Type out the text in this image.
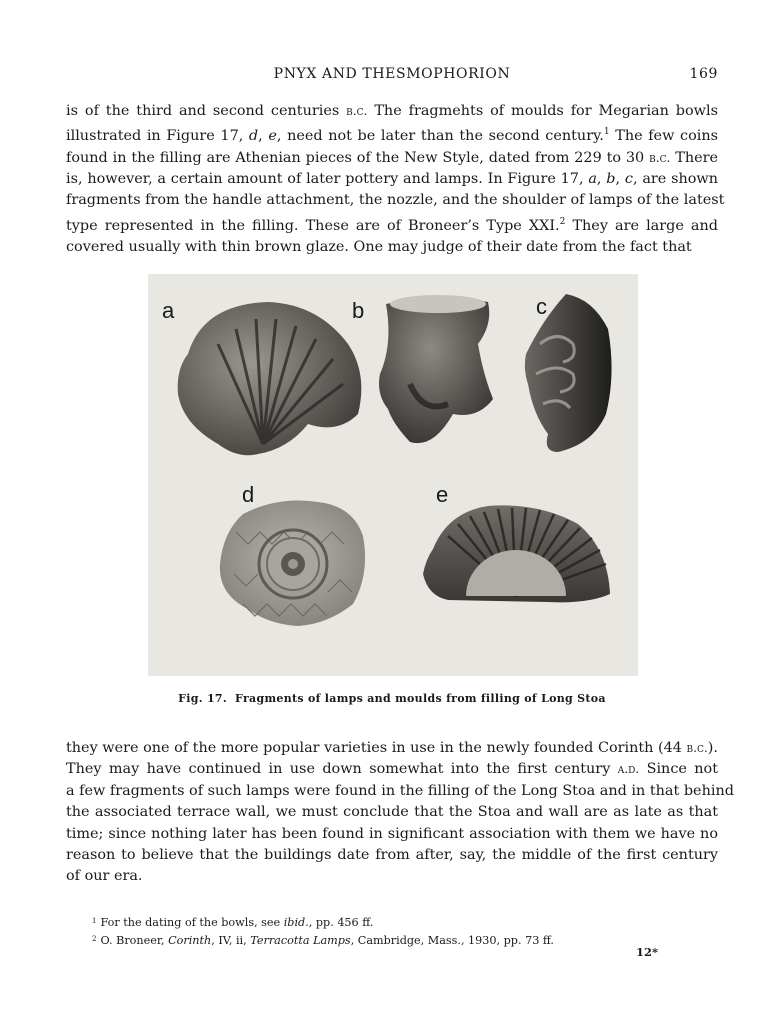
PNYX AND THESMOPHORION	169
is of the third and second centuries b.c. The fragmehts of moulds for Megarian bowls
illustrated in Figure 17, d, e, need not be later than the second century.$^1$ The few coins
found in the filling are Athenian pieces of the New Style, dated from 229 to 30 b.c. There
is, however, a certain amount of later pottery and lamps. In Figure 17, a, b, c, are shown
fragments from the handle attachment, the nozzle, and the shoulder of lamps of the latest
type represented in the filling. These are of Broneer’s Type XXI.$^2$ They are large and
covered usually with thin brown glaze. One may judge of their date from the fact that
a	b	c
d	e
Fig. 17. Fragments of lamps and moulds from filling of Long Stoa
they were one of the more popular varieties in use in the newly founded Corinth (44 b.c.).
They may have continued in use down somewhat into the first century a.d. Since not
a few fragments of such lamps were found in the filling of the Long Stoa and in that behind
the associated terrace wall, we must conclude that the Stoa and wall are as late as that
time; since nothing later has been found in significant association with them we have no
reason to believe that the buildings date from after, say, the middle of the first century
of our era.
$^1$ For the dating of the bowls, see ibid., pp. 456 ff.
$^2$ O. Broneer, Corinth, IV, ii, Terracotta Lamps, Cambridge, Mass., 1930, pp. 73 ff.
12*
